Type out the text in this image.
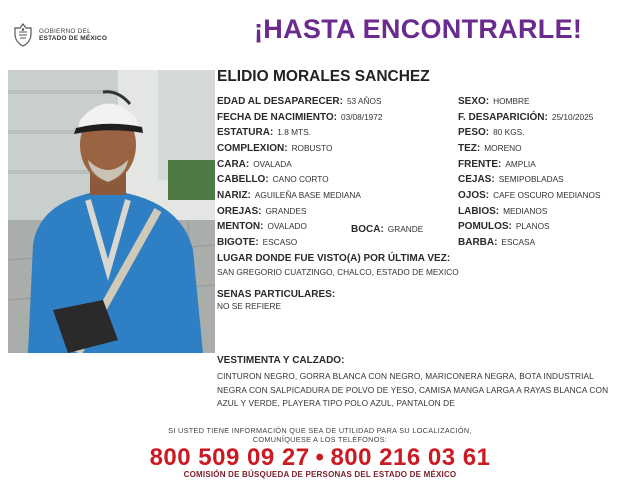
GOBIERNO DEL
ESTADO DE MÉXICO	¡HASTA ENCONTRARLE!
ELIDIO MORALES SANCHEZ
EDAD AL DESAPARECER: 53 AÑOS
FECHA DE NACIMIENTO: 03/08/1972
ESTATURA: 1.8 MTS.
COMPLEXION: ROBUSTO
CARA: OVALADA
CABELLO: CANO CORTO
NARIZ: AGUILEÑA BASE MEDIANA
OREJAS: GRANDES
MENTON: OVALADO	BOCA: GRANDE
BIGOTE: ESCASO
SEXO: HOMBRE
F. DESAPARICIÓN: 25/10/2025
PESO: 80 KGS.
TEZ: MORENO
FRENTE: AMPLIA
CEJAS: SEMIPOBLADAS
OJOS: CAFE OSCURO MEDIANOS
LABIOS: MEDIANOS
POMULOS: PLANOS
BARBA: ESCASA
LUGAR DONDE FUE VISTO(A) POR ÚLTIMA VEZ:
SAN GREGORIO CUATZINGO, CHALCO, ESTADO DE MEXICO
SENAS PARTICULARES:
NO SE REFIERE
VESTIMENTA Y CALZADO:
CINTURON NEGRO, GORRA BLANCA CON NEGRO, MARICONERA NEGRA, BOTA INDUSTRIAL NEGRA CON SALPICADURA DE POLVO DE YESO, CAMISA MANGA LARGA A RAYAS BLANCA CON AZUL Y VERDE, PLAYERA TIPO POLO AZUL, PANTALON DE
SI USTED TIENE INFORMACIÓN QUE SEA DE UTILIDAD PARA SU LOCALIZACIÓN,
COMUNÍQUESE A LOS TELÉFONOS:
800 509 09 27 • 800 216 03 61
COMISIÓN DE BÚSQUEDA DE PERSONAS DEL ESTADO DE MÉXICO
